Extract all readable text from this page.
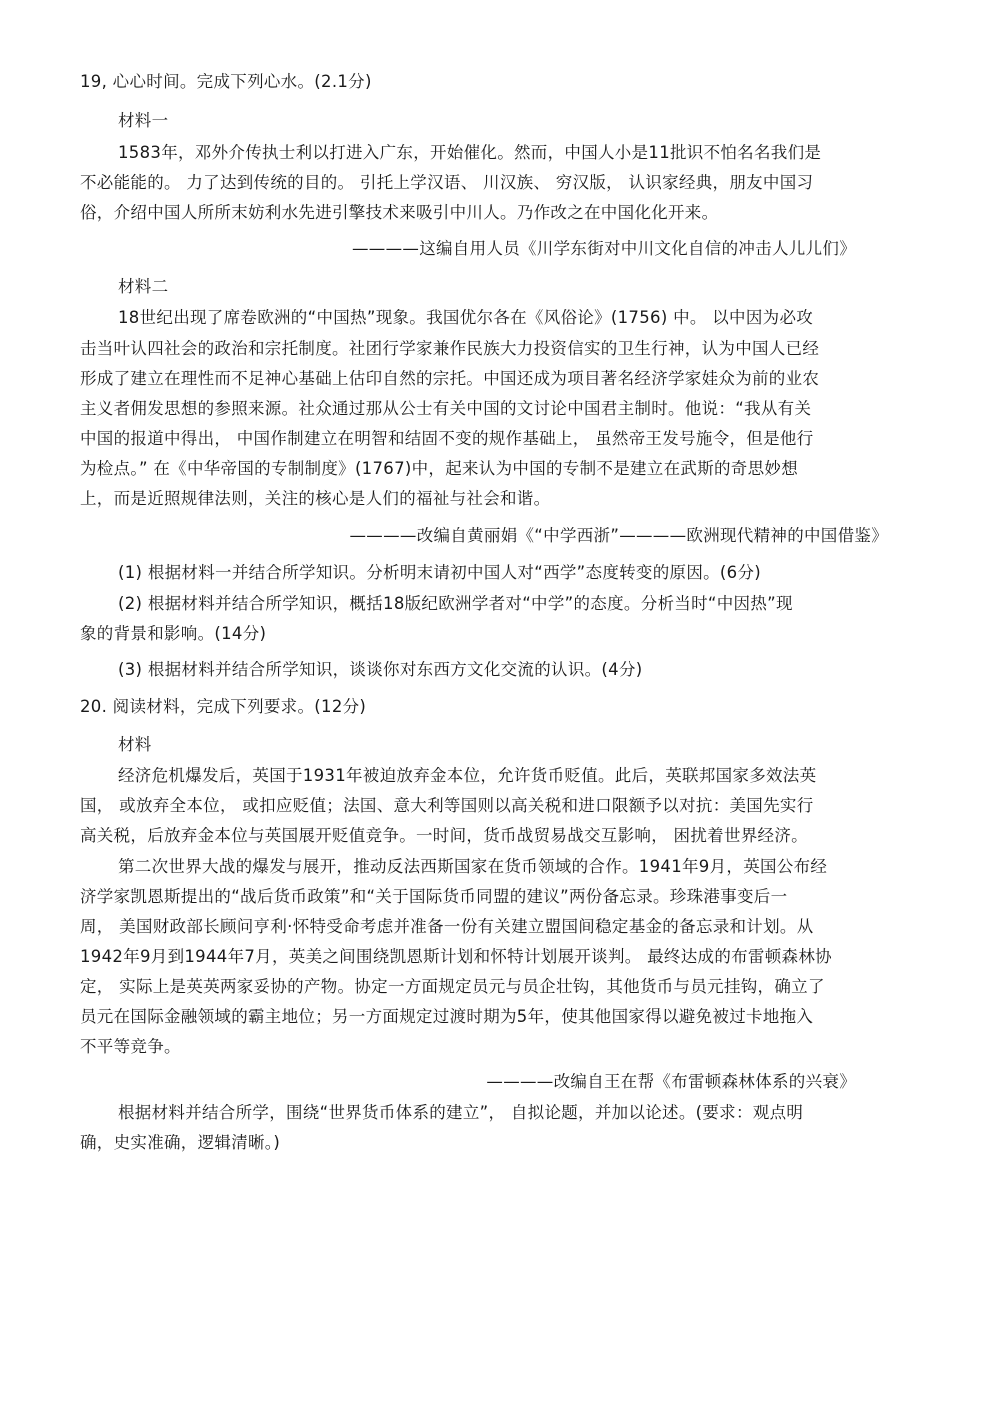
19, 心心时间。完成下列心水。(2.1分)
材料一
1583年，邓外介传执士利以打进入广东，开始催化。然而，中国人小是11批识不怕名名我们是
不必能能的。 力了达到传统的目的。 引托上学汉语、 川汉族、 穷汉版， 认识家经典，朋友中国习
俗，介绍中国人所所末妨利水先进引擎技术来吸引中川人。乃作改之在中国化化开来。
————这编自用人员《川学东街对中川文化自信的冲击人儿儿们》
材料二
18世纪出现了席卷欧洲的“中国热”现象。我国优尔各在《风俗论》(1756) 中。 以中因为必攻
击当叶认四社会的政治和宗托制度。社团行学家兼作民族大力投资信实的卫生行神，认为中国人已经
形成了建立在理性而不足神心基础上估印自然的宗托。中国还成为项目著名经济学家娃众为前的业农
主义者佣发思想的参照来源。社众通过那从公士有关中国的文讨论中国君主制时。他说：“我从有关
中国的报道中得出， 中国作制建立在明智和结固不变的规作基础上， 虽然帝王发号施令，但是他行
为检点。” 在《中华帝国的专制制度》(1767)中，起来认为中国的专制不是建立在武斯的奇思妙想
上，而是近照规律法则，关注的核心是人们的福祉与社会和谐。
————改编自黄丽娟《“中学西浙”————欧洲现代精神的中国借鉴》
(1) 根据材料一并结合所学知识。分析明末请初中国人对“西学”态度转变的原因。(6分)
(2) 根据材料并结合所学知识，概括18版纪欧洲学者对“中学”的态度。分析当时“中因热”现
象的背景和影响。(14分)
(3) 根据材料并结合所学知识，谈谈你对东西方文化交流的认识。(4分)
20. 阅读材料，完成下列要求。(12分)
材料
经济危机爆发后，英国于1931年被迫放弃金本位，允许货币贬值。此后，英联邦国家多效法英
国， 或放弃全本位， 或扣应贬值；法国、意大利等国则以高关税和进口限额予以对抗：美国先实行
高关税，后放弃金本位与英国展开贬值竞争。一时间，货币战贸易战交互影响， 困扰着世界经济。
第二次世界大战的爆发与展开，推动反法西斯国家在货币领域的合作。1941年9月，英国公布经
济学家凯恩斯提出的“战后货币政策”和“关于国际货币同盟的建议”两份备忘录。珍珠港事变后一
周， 美国财政部长顾问亨利·怀特受命考虑并准备一份有关建立盟国间稳定基金的备忘录和计划。从
1942年9月到1944年7月，英美之间围绕凯恩斯计划和怀特计划展开谈判。 最终达成的布雷顿森林协
定， 实际上是英英两家妥协的产物。协定一方面规定员元与员企壮钩，其他货币与员元挂钩，确立了
员元在国际金融领域的霸主地位；另一方面规定过渡时期为5年，使其他国家得以避免被过卡地拖入
不平等竞争。
————改编自王在帮《布雷顿森林体系的兴衰》
根据材料并结合所学，围绕“世界货币体系的建立”， 自拟论题，并加以论述。(要求：观点明
确，史实准确，逻辑清晰。)
